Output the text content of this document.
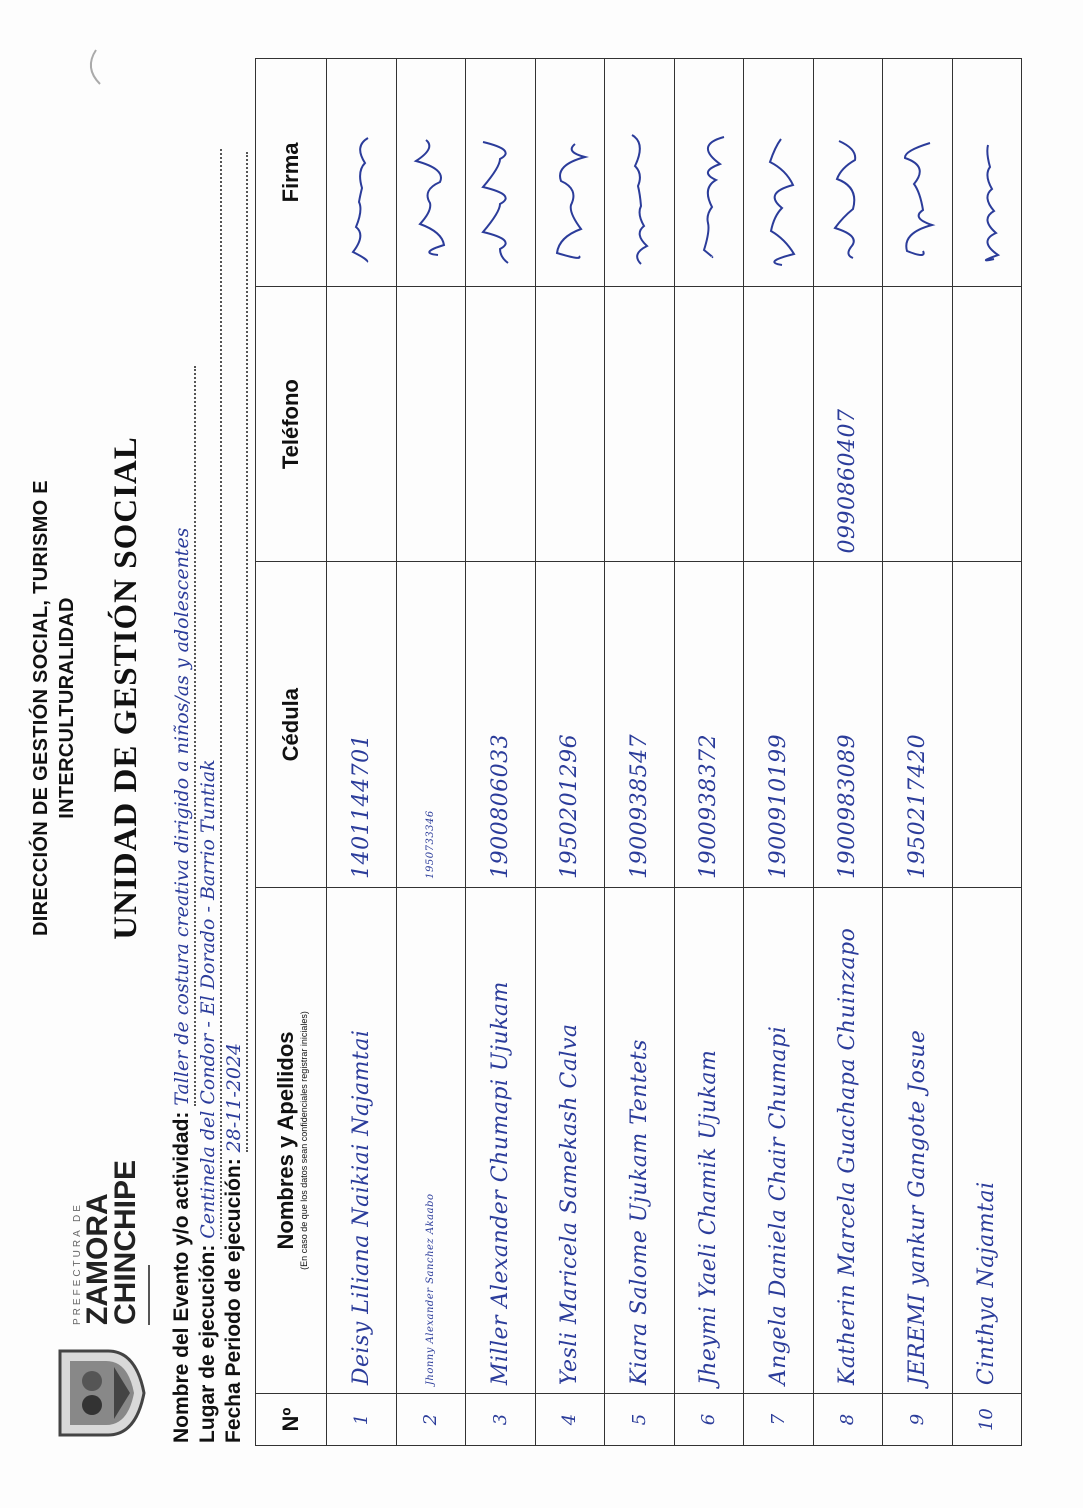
PREFECTURA DE
ZAMORA
CHINCHIPE
DIRECCIÓN DE GESTIÓN SOCIAL, TURISMO E INTERCULTURALIDAD UNIDAD DE GESTIÓN SOCIAL
Nombre del Evento y/o actividad: Taller de costura creativa dirigido a niños/as y adolescentes
Lugar de ejecución: Centinela del Condor - El Dorado - Barrio Tuntiak
Fecha Periodo de ejecución: 28-11-2024
Nº	Nombres y Apellidos (En caso de que los datos sean confidenciales registrar iniciales)	Cédula	Teléfono	Firma
1	Deisy Liliana Naikiai Najamtai	1401144701		

2	Jhonny Alexander Sanchez Akaabo	1950733346		

3	Miller Alexander Chumapi Ujukam	1900806033		

4	Yesli Maricela Samekash Calva	1950201296		

5	Kiara Salome Ujukam Tentets	1900938547		

6	Jheymi Yaeli Chamik Ujukam	1900938372		

7	Angela Daniela Chair Chumapi	1900910199		

8	Katherin Marcela Guachapa Chuinzapo	1900983089	0990860407	

9	JEREMI yankur Gangote Josue	1950217420		

10	Cinthya Najamtai			
